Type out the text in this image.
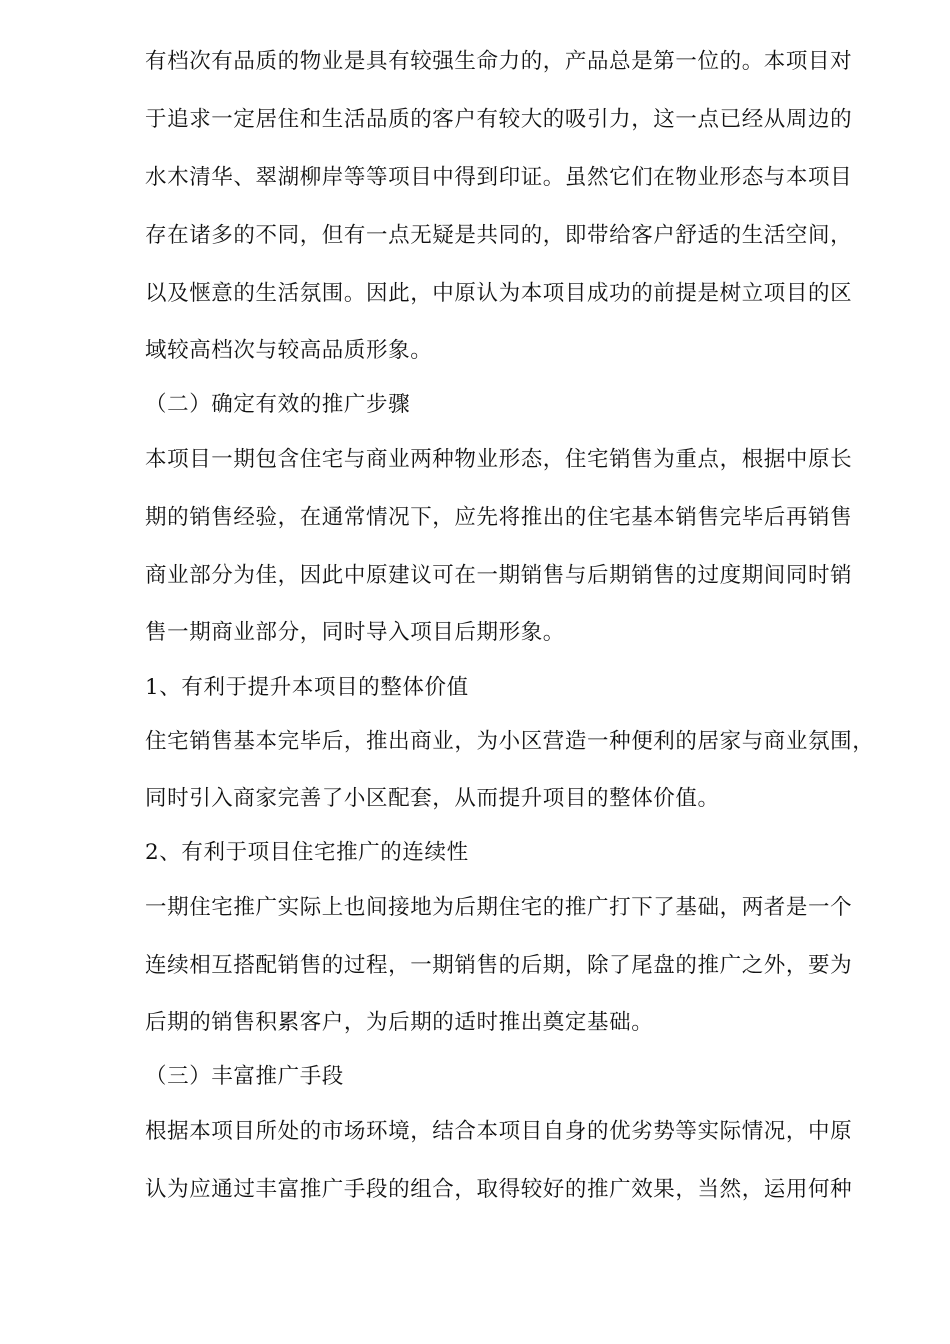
有档次有品质的物业是具有较强生命力的，产品总是第一位的。本项目对
于追求一定居住和生活品质的客户有较大的吸引力，这一点已经从周边的
水木清华、翠湖柳岸等等项目中得到印证。虽然它们在物业形态与本项目
存在诸多的不同，但有一点无疑是共同的，即带给客户舒适的生活空间，
以及惬意的生活氛围。因此，中原认为本项目成功的前提是树立项目的区
域较高档次与较高品质形象。
（二）确定有效的推广步骤
本项目一期包含住宅与商业两种物业形态，住宅销售为重点，根据中原长
期的销售经验，在通常情况下，应先将推出的住宅基本销售完毕后再销售
商业部分为佳，因此中原建议可在一期销售与后期销售的过度期间同时销
售一期商业部分，同时导入项目后期形象。
1、有利于提升本项目的整体价值
住宅销售基本完毕后，推出商业，为小区营造一种便利的居家与商业氛围，
同时引入商家完善了小区配套，从而提升项目的整体价值。
2、有利于项目住宅推广的连续性
一期住宅推广实际上也间接地为后期住宅的推广打下了基础，两者是一个
连续相互搭配销售的过程，一期销售的后期，除了尾盘的推广之外，要为
后期的销售积累客户，为后期的适时推出奠定基础。
（三）丰富推广手段
根据本项目所处的市场环境，结合本项目自身的优劣势等实际情况，中原
认为应通过丰富推广手段的组合，取得较好的推广效果，当然，运用何种
